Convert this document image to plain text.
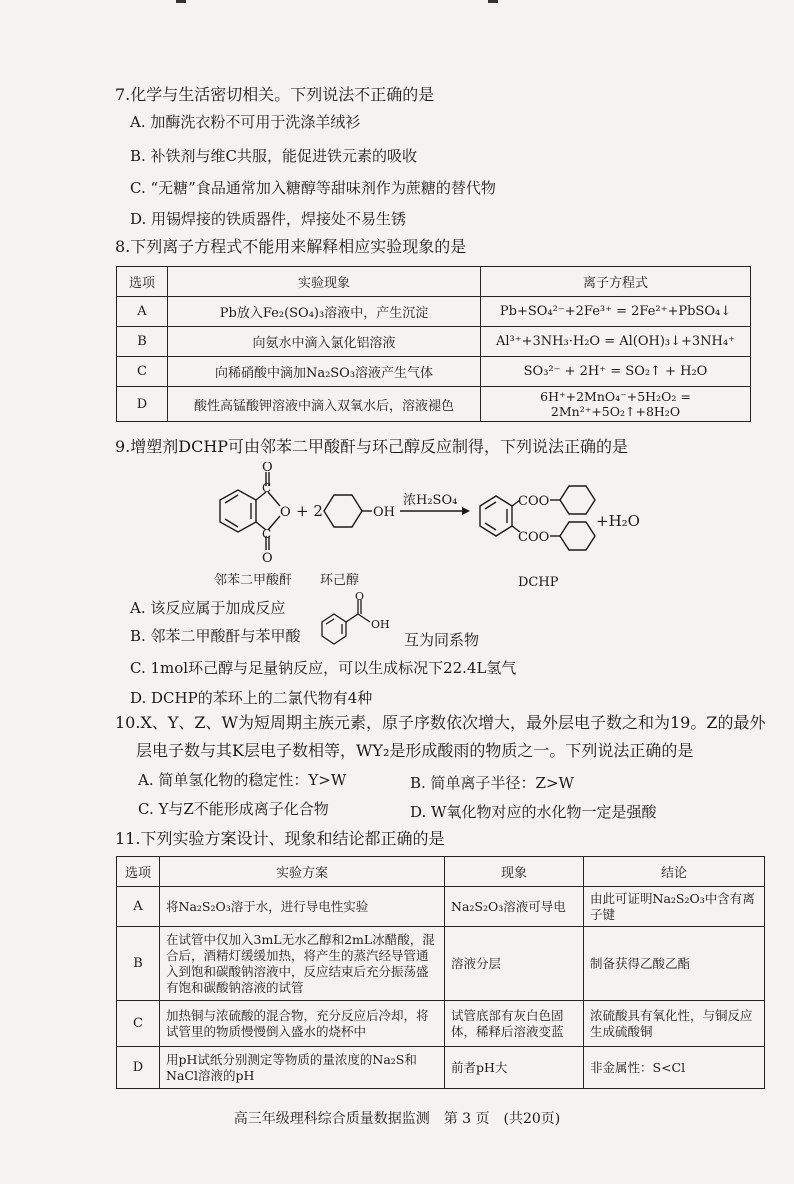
7.化学与生活密切相关。下列说法不正确的是
A. 加酶洗衣粉不可用于洗涤羊绒衫
B. 补铁剂与维C共服，能促进铁元素的吸收
C. “无糖”食品通常加入糖醇等甜味剂作为蔗糖的替代物
D. 用锡焊接的铁质器件，焊接处不易生锈
8.下列离子方程式不能用来解释相应实验现象的是
选项	实验现象	离子方程式
A	Pb放入Fe₂(SO₄)₃溶液中，产生沉淀	Pb+SO₄²⁻+2Fe³⁺ = 2Fe²⁺+PbSO₄↓
B	向氨水中滴入氯化铝溶液	Al³⁺+3NH₃·H₂O = Al(OH)₃↓+3NH₄⁺
C	向稀硝酸中滴加Na₂SO₃溶液产生气体	SO₃²⁻ + 2H⁺ = SO₂↑ + H₂O
D	酸性高锰酸钾溶液中滴入双氧水后，溶液褪色	6H⁺+2MnO₄⁻+5H₂O₂ = 2Mn²⁺+5O₂↑+8H₂O
9.增塑剂DCHP可由邻苯二甲酸酐与环己醇反应制得，下列说法正确的是
O
C
O
C
O
+ 2	OH
浓H₂SO₄	COO
COO
+H₂O
邻苯二甲酸酐 环己醇	DCHP
A. 该反应属于加成反应
B. 邻苯二甲酸酐与苯甲酸
O
OH
互为同系物
C. 1mol环己醇与足量钠反应，可以生成标况下22.4L氢气
D. DCHP的苯环上的二氯代物有4种
10.X、Y、Z、W为短周期主族元素，原子序数依次增大，最外层电子数之和为19。Z的最外
层电子数与其K层电子数相等，WY₂是形成酸雨的物质之一。下列说法正确的是
A. 简单氢化物的稳定性：Y>W	B. 简单离子半径：Z>W
C. Y与Z不能形成离子化合物	D. W氧化物对应的水化物一定是强酸
11.下列实验方案设计、现象和结论都正确的是
选项	实验方案	现象	结论
A	将Na₂S₂O₃溶于水，进行导电性实验	Na₂S₂O₃溶液可导电	由此可证明Na₂S₂O₃中含有离子键
B	在试管中仅加入3mL无水乙醇和2mL冰醋酸，混合后，酒精灯缓缓加热，将产生的蒸汽经导管通入到饱和碳酸钠溶液中，反应结束后充分振荡盛有饱和碳酸钠溶液的试管	溶液分层	制备获得乙酸乙酯
C	加热铜与浓硫酸的混合物，充分反应后冷却，将试管里的物质慢慢倒入盛水的烧杯中	试管底部有灰白色固体，稀释后溶液变蓝	浓硫酸具有氧化性，与铜反应生成硫酸铜
D	用pH试纸分别测定等物质的量浓度的Na₂S和NaCl溶液的pH	前者pH大	非金属性：S<Cl
高三年级理科综合质量数据监测　第 3 页　(共20页)
